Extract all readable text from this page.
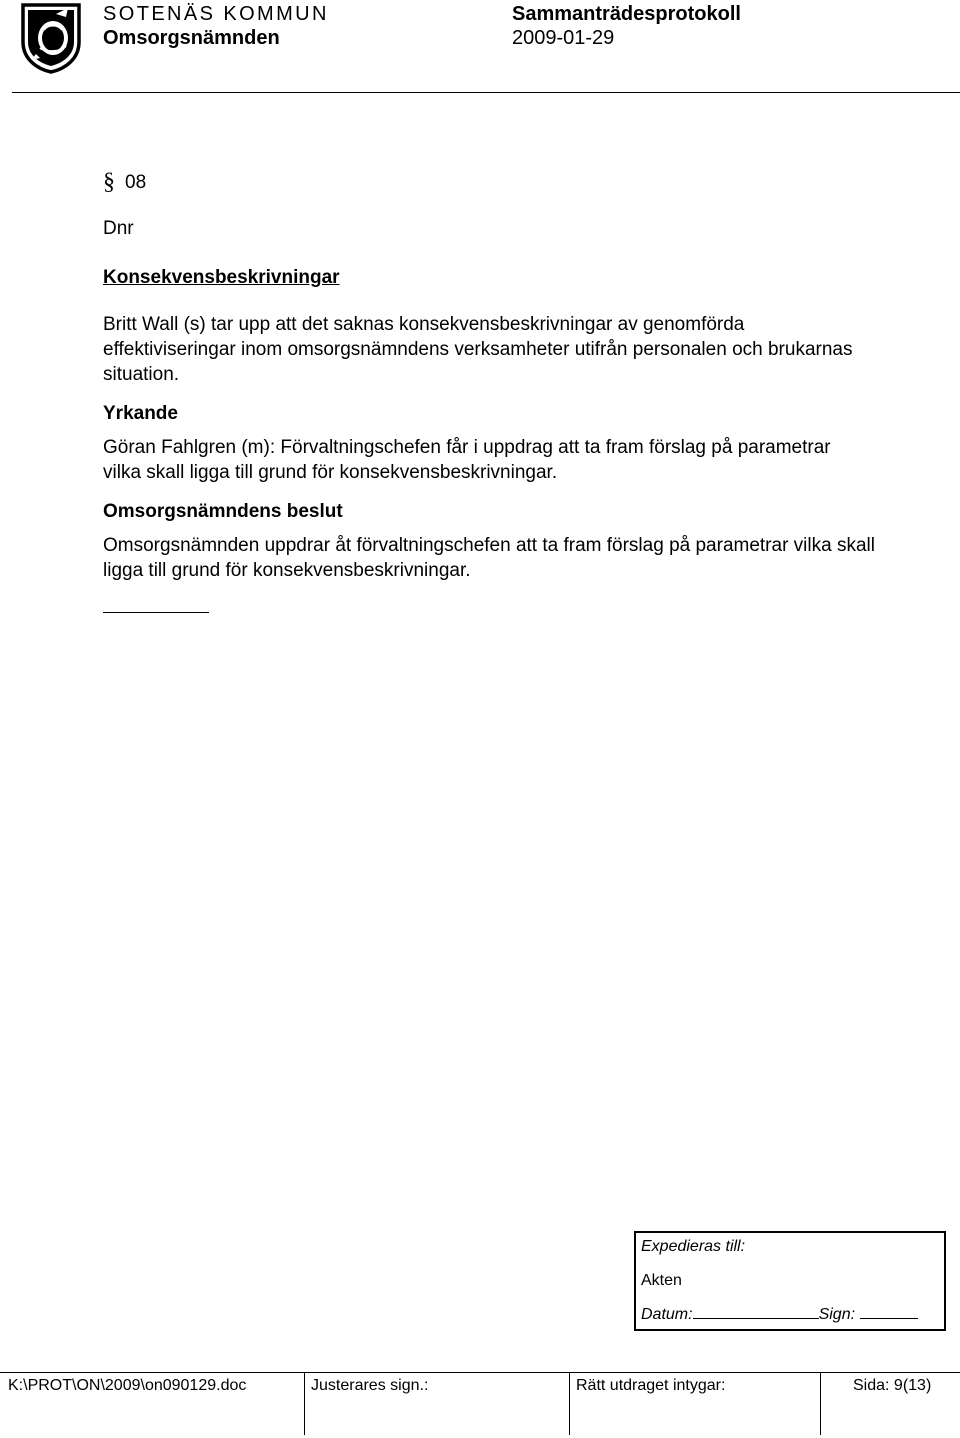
SOTENÄS KOMMUN
Omsorgsnämnden
Sammanträdesprotokoll
2009-01-29
§ 08
Dnr
Konsekvensbeskrivningar
Britt Wall (s) tar upp att det saknas konsekvensbeskrivningar av genomförda effektiviseringar inom omsorgsnämndens verksamheter utifrån personalen och brukarnas situation.
Yrkande
Göran Fahlgren (m): Förvaltningschefen får i uppdrag att ta fram förslag på parametrar vilka skall ligga till grund för konsekvensbeskrivningar.
Omsorgsnämndens beslut
Omsorgsnämnden uppdrar åt förvaltningschefen att ta fram förslag på parametrar vilka skall ligga till grund för konsekvensbeskrivningar.
Expedieras till:
Akten
Datum:	Sign:
K:\PROT\ON\2009\on090129.doc	Justerares sign.:	Rätt utdraget intygar:	Sida: 9(13)
